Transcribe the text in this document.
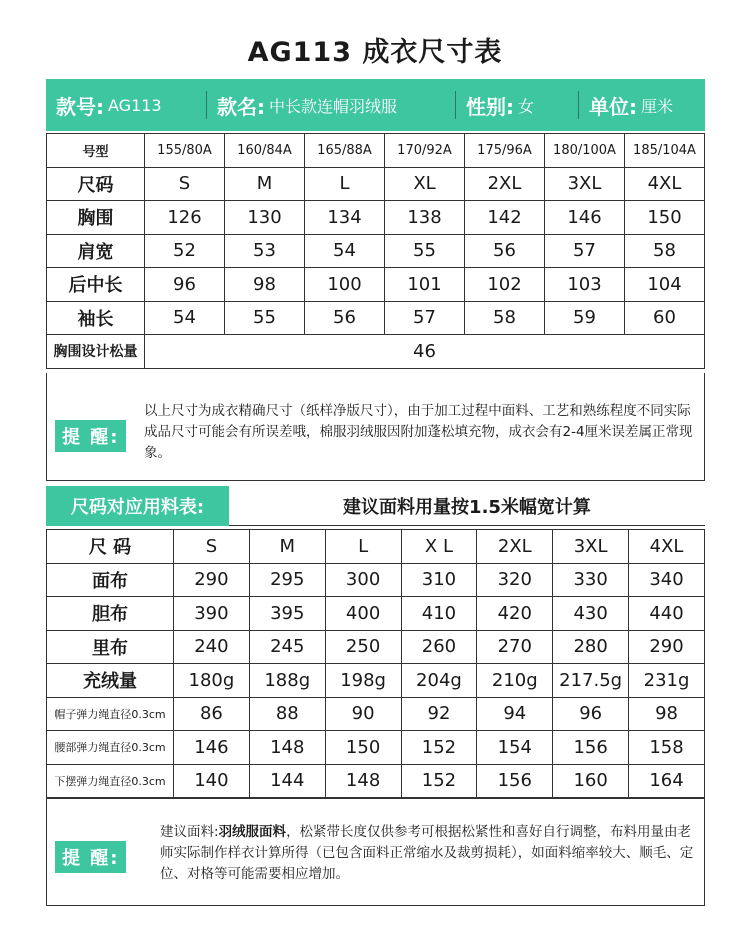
AG113 成衣尺寸表
款号: AG113	款名: 中长款连帽羽绒服	性别: 女	单位: 厘米
号型	155/80A	160/84A	165/88A	170/92A	175/96A	180/100A	185/104A
尺码	S	M	L	XL	2XL	3XL	4XL
胸围	126	130	134	138	142	146	150
肩宽	52	53	54	55	56	57	58
后中长	96	98	100	101	102	103	104
袖长	54	55	56	57	58	59	60
胸围设计松量	46						
提 醒:
以上尺寸为成衣精确尺寸（纸样净版尺寸），由于加工过程中面料、工艺和熟练程度不同实际成品尺寸可能会有所误差哦，棉服羽绒服因附加蓬松填充物，成衣会有2-4厘米误差属正常现象。
尺码对应用料表:	建议面料用量按1.5米幅宽计算
尺 码	S	M	L	X L	2XL	3XL	4XL
面布	290	295	300	310	320	330	340
胆布	390	395	400	410	420	430	440
里布	240	245	250	260	270	280	290
充绒量	180g	188g	198g	204g	210g	217.5g	231g
帽子弹力绳直径0.3cm	86	88	90	92	94	96	98
腰部弹力绳直径0.3cm	146	148	150	152	154	156	158
下摆弹力绳直径0.3cm	140	144	148	152	156	160	164
提 醒:
建议面料:羽绒服面料，松紧带长度仅供参考可根据松紧性和喜好自行调整，布料用量由老师实际制作样衣计算所得（已包含面料正常缩水及裁剪损耗），如面料缩率较大、顺毛、定位、对格等可能需要相应增加。
